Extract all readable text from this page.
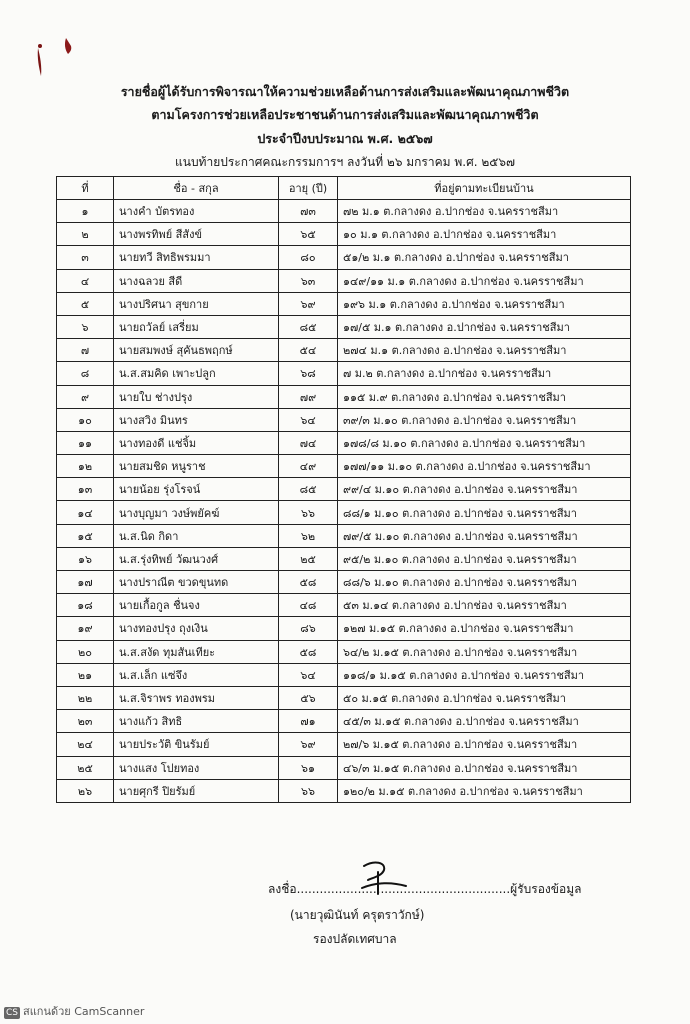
รายชื่อผู้ได้รับการพิจารณาให้ความช่วยเหลือด้านการส่งเสริมและพัฒนาคุณภาพชีวิต
ตามโครงการช่วยเหลือประชาชนด้านการส่งเสริมและพัฒนาคุณภาพชีวิต
ประจำปีงบประมาณ พ.ศ. ๒๕๖๗
แนบท้ายประกาศคณะกรรมการฯ ลงวันที่ ๒๖ มกราคม พ.ศ. ๒๕๖๗
ที่	ชื่อ - สกุล	อายุ (ปี)	ที่อยู่ตามทะเบียนบ้าน
๑	นางคำ บัตรทอง	๗๓	๗๒ ม.๑ ต.กลางดง อ.ปากช่อง จ.นครราชสีมา
๒	นางพรทิพย์ สีสังข์	๖๕	๑๐ ม.๑ ต.กลางดง อ.ปากช่อง จ.นครราชสีมา
๓	นายทวี สิทธิพรมมา	๘๐	๕๑/๒ ม.๑ ต.กลางดง อ.ปากช่อง จ.นครราชสีมา
๔	นางฉลวย สีดี	๖๓	๑๔๙/๑๑ ม.๑ ต.กลางดง อ.ปากช่อง จ.นครราชสีมา
๕	นางปริศนา สุขกาย	๖๙	๑๙๖ ม.๑ ต.กลางดง อ.ปากช่อง จ.นครราชสีมา
๖	นายถวัลย์ เสรี่ยม	๘๕	๑๗/๕ ม.๑ ต.กลางดง อ.ปากช่อง จ.นครราชสีมา
๗	นายสมพงษ์ สุคันธพฤกษ์	๕๔	๒๗๔ ม.๑ ต.กลางดง อ.ปากช่อง จ.นครราชสีมา
๘	น.ส.สมคิด เพาะปลูก	๖๘	๗ ม.๒ ต.กลางดง อ.ปากช่อง จ.นครราชสีมา
๙	นายใบ ช่างปรุง	๗๙	๑๑๕ ม.๙ ต.กลางดง อ.ปากช่อง จ.นครราชสีมา
๑๐	นางสวิง มินทร	๖๔	๓๙/๓ ม.๑๐ ต.กลางดง อ.ปากช่อง จ.นครราชสีมา
๑๑	นางทองดี แช่จิ้ม	๗๔	๑๗๘/๘ ม.๑๐ ต.กลางดง อ.ปากช่อง จ.นครราชสีมา
๑๒	นายสมชิด หนูราช	๔๙	๑๗๗/๑๑ ม.๑๐ ต.กลางดง อ.ปากช่อง จ.นครราชสีมา
๑๓	นายน้อย รุ่งโรจน์	๘๕	๙๙/๔ ม.๑๐ ต.กลางดง อ.ปากช่อง จ.นครราชสีมา
๑๔	นางบุญมา วงษ์พยัคฆ์	๖๖	๘๘/๑ ม.๑๐ ต.กลางดง อ.ปากช่อง จ.นครราชสีมา
๑๕	น.ส.นิด กิดา	๖๒	๗๙/๕ ม.๑๐ ต.กลางดง อ.ปากช่อง จ.นครราชสีมา
๑๖	น.ส.รุ่งทิพย์ วัฒนวงศ์	๒๕	๙๕/๒ ม.๑๐ ต.กลางดง อ.ปากช่อง จ.นครราชสีมา
๑๗	นางปราณีต ขวดขุนทด	๕๘	๘๘/๖ ม.๑๐ ต.กลางดง อ.ปากช่อง จ.นครราชสีมา
๑๘	นายเกื้อกูล ชื่นจง	๔๘	๕๓ ม.๑๔ ต.กลางดง อ.ปากช่อง จ.นครราชสีมา
๑๙	นางทองปรุง ถุงเงิน	๘๖	๑๒๗ ม.๑๕ ต.กลางดง อ.ปากช่อง จ.นครราชสีมา
๒๐	น.ส.สงัด ทุมสันเทียะ	๕๘	๖๔/๒ ม.๑๕ ต.กลางดง อ.ปากช่อง จ.นครราชสีมา
๒๑	น.ส.เล็ก แซ่จึง	๖๔	๑๑๘/๑ ม.๑๕ ต.กลางดง อ.ปากช่อง จ.นครราชสีมา
๒๒	น.ส.จิราพร ทองพรม	๕๖	๕๐ ม.๑๕ ต.กลางดง อ.ปากช่อง จ.นครราชสีมา
๒๓	นางแก้ว สิทธิ	๗๑	๔๕/๓ ม.๑๕ ต.กลางดง อ.ปากช่อง จ.นครราชสีมา
๒๔	นายประวัติ ขินรัมย์	๖๙	๒๗/๖ ม.๑๕ ต.กลางดง อ.ปากช่อง จ.นครราชสีมา
๒๕	นางแสง โปยทอง	๖๑	๔๖/๓ ม.๑๕ ต.กลางดง อ.ปากช่อง จ.นครราชสีมา
๒๖	นายศุกรี ปิยรัมย์	๖๖	๑๒๐/๒ ม.๑๕ ต.กลางดง อ.ปากช่อง จ.นครราชสีมา
ลงชื่อ........................................................ผู้รับรองข้อมูล
(นายวุฒินันท์ ครุตราวักษ์)
รองปลัดเทศบาล
CS สแกนด้วย CamScanner
